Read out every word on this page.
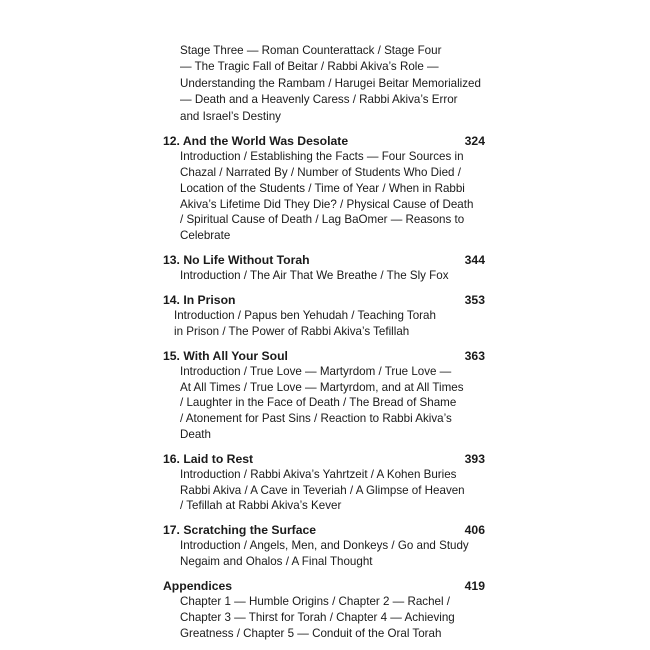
Stage Three — Roman Counterattack / Stage Four
— The Tragic Fall of Beitar / Rabbi Akiva’s Role —
Understanding the Rambam / Harugei Beitar Memorialized
— Death and a Heavenly Caress / Rabbi Akiva’s Error
and Israel’s Destiny
12. And the World Was Desolate	324
Introduction / Establishing the Facts — Four Sources in
Chazal / Narrated By / Number of Students Who Died /
Location of the Students / Time of Year / When in Rabbi
Akiva’s Lifetime Did They Die? / Physical Cause of Death
/ Spiritual Cause of Death / Lag BaOmer — Reasons to
Celebrate
13. No Life Without Torah	344
Introduction / The Air That We Breathe / The Sly Fox
14. In Prison	353
Introduction / Papus ben Yehudah / Teaching Torah
in Prison / The Power of Rabbi Akiva’s Tefillah
15. With All Your Soul	363
Introduction / True Love — Martyrdom / True Love —
At All Times / True Love — Martyrdom, and at All Times
/ Laughter in the Face of Death / The Bread of Shame
/ Atonement for Past Sins / Reaction to Rabbi Akiva’s
Death
16. Laid to Rest	393
Introduction / Rabbi Akiva’s Yahrtzeit / A Kohen Buries
Rabbi Akiva / A Cave in Teveriah / A Glimpse of Heaven
/ Tefillah at Rabbi Akiva’s Kever
17. Scratching the Surface	406
Introduction / Angels, Men, and Donkeys / Go and Study
Negaim and Ohalos / A Final Thought
Appendices	419
Chapter 1 — Humble Origins / Chapter 2 — Rachel /
Chapter 3 — Thirst for Torah / Chapter 4 — Achieving
Greatness / Chapter 5 — Conduit of the Oral Torah
